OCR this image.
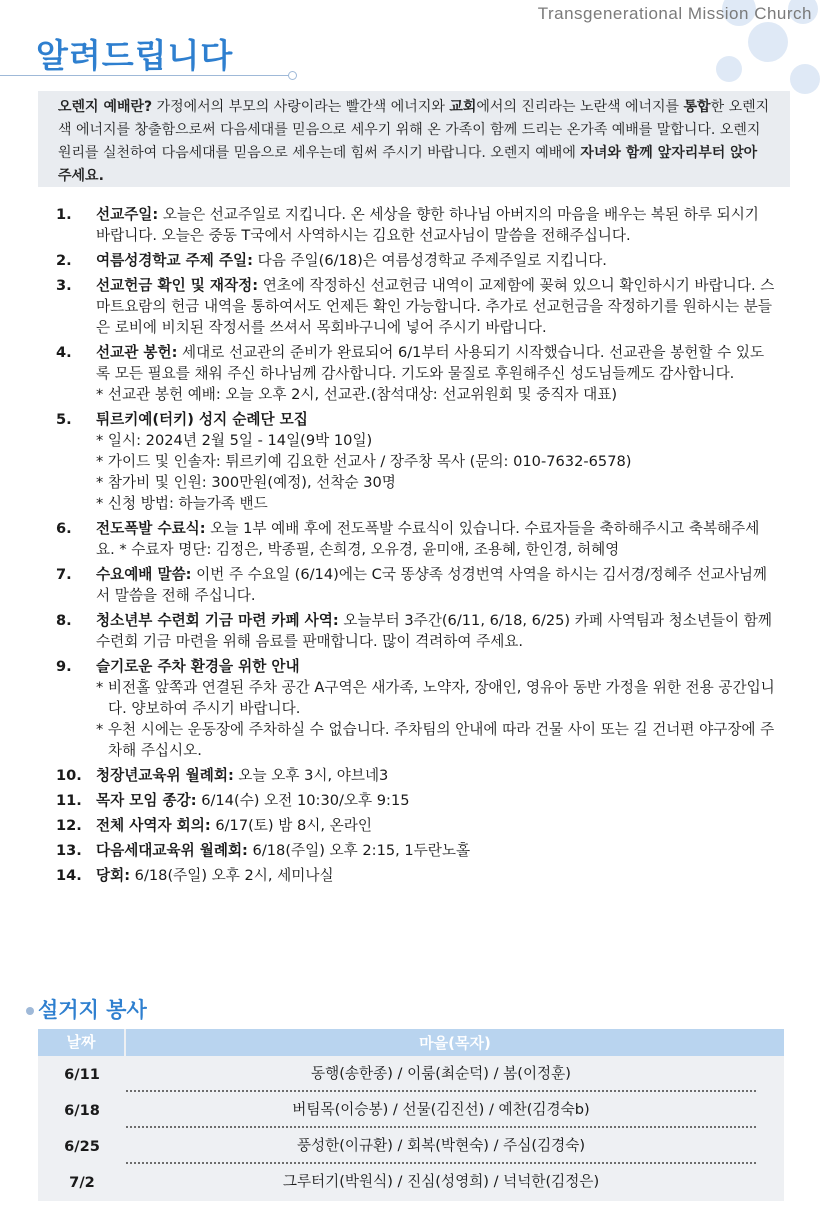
Transgenerational Mission Church
알려드립니다
오렌지 예배란? 가정에서의 부모의 사랑이라는 빨간색 에너지와 교회에서의 진리라는 노란색 에너지를 통합한 오렌지색 에너지를 창출함으로써 다음세대를 믿음으로 세우기 위해 온 가족이 함께 드리는 온가족 예배를 말합니다. 오렌지 원리를 실천하여 다음세대를 믿음으로 세우는데 힘써 주시기 바랍니다. 오렌지 예배에 자녀와 함께 앞자리부터 앉아주세요.
1.	선교주일: 오늘은 선교주일로 지킵니다. 온 세상을 향한 하나님 아버지의 마음을 배우는 복된 하루 되시기 바랍니다. 오늘은 중동 T국에서 사역하시는 김요한 선교사님이 말씀을 전해주십니다.
2.	여름성경학교 주제 주일: 다음 주일(6/18)은 여름성경학교 주제주일로 지킵니다.
3.	선교헌금 확인 및 재작정: 연초에 작정하신 선교헌금 내역이 교제함에 꽂혀 있으니 확인하시기 바랍니다. 스마트요람의 헌금 내역을 통하여서도 언제든 확인 가능합니다. 추가로 선교헌금을 작정하기를 원하시는 분들은 로비에 비치된 작정서를 쓰셔서 목회바구니에 넣어 주시기 바랍니다.
4.	선교관 봉헌: 세대로 선교관의 준비가 완료되어 6/1부터 사용되기 시작했습니다. 선교관을 봉헌할 수 있도록 모든 필요를 채워 주신 하나님께 감사합니다. 기도와 물질로 후원해주신 성도님들께도 감사합니다.
* 선교관 봉헌 예배: 오늘 오후 2시, 선교관.(참석대상: 선교위원회 및 중직자 대표)
5.	튀르키예(터키) 성지 순례단 모집
* 일시: 2024년 2월 5일 - 14일(9박 10일)
* 가이드 및 인솔자: 튀르키예 김요한 선교사 / 장주창 목사 (문의: 010-7632-6578)
* 참가비 및 인원: 300만원(예정), 선착순 30명
* 신청 방법: 하늘가족 밴드
6.	전도폭발 수료식: 오늘 1부 예배 후에 전도폭발 수료식이 있습니다. 수료자들을 축하해주시고 축복해주세요. * 수료자 명단: 김정은, 박종필, 손희경, 오유경, 윤미애, 조용혜, 한인경, 허혜영
7.	수요예배 말씀: 이번 주 수요일 (6/14)에는 C국 똥샹족 성경번역 사역을 하시는 김서경/정혜주 선교사님께서 말씀을 전해 주십니다.
8.	청소년부 수련회 기금 마련 카페 사역: 오늘부터 3주간(6/11, 6/18, 6/25) 카페 사역팀과 청소년들이 함께 수련회 기금 마련을 위해 음료를 판매합니다. 많이 격려하여 주세요.
9.	슬기로운 주차 환경을 위한 안내
* 비전홀 앞쪽과 연결된 주차 공간 A구역은 새가족, 노약자, 장애인, 영유아 동반 가정을 위한 전용 공간입니다. 양보하여 주시기 바랍니다.
* 우천 시에는 운동장에 주차하실 수 없습니다. 주차팀의 안내에 따라 건물 사이 또는 길 건너편 야구장에 주차해 주십시오.
10. 청장년교육위 월례회: 오늘 오후 3시, 야브네3
11. 목자 모임 종강: 6/14(수) 오전 10:30/오후 9:15
12. 전체 사역자 회의: 6/17(토) 밤 8시, 온라인
13. 다음세대교육위 월례회: 6/18(주일) 오후 2:15, 1두란노홀
14. 당회: 6/18(주일) 오후 2시, 세미나실
설거지 봉사
날짜	마을(목자)
6/11	동행(송한종) / 이룸(최순덕) / 봄(이정훈)
6/18	버팀목(이승봉) / 선물(김진선) / 예찬(김경숙b)
6/25	풍성한(이규환) / 회복(박현숙) / 주심(김경숙)
7/2	그루터기(박원식) / 진심(성영희) / 넉넉한(김정은)
